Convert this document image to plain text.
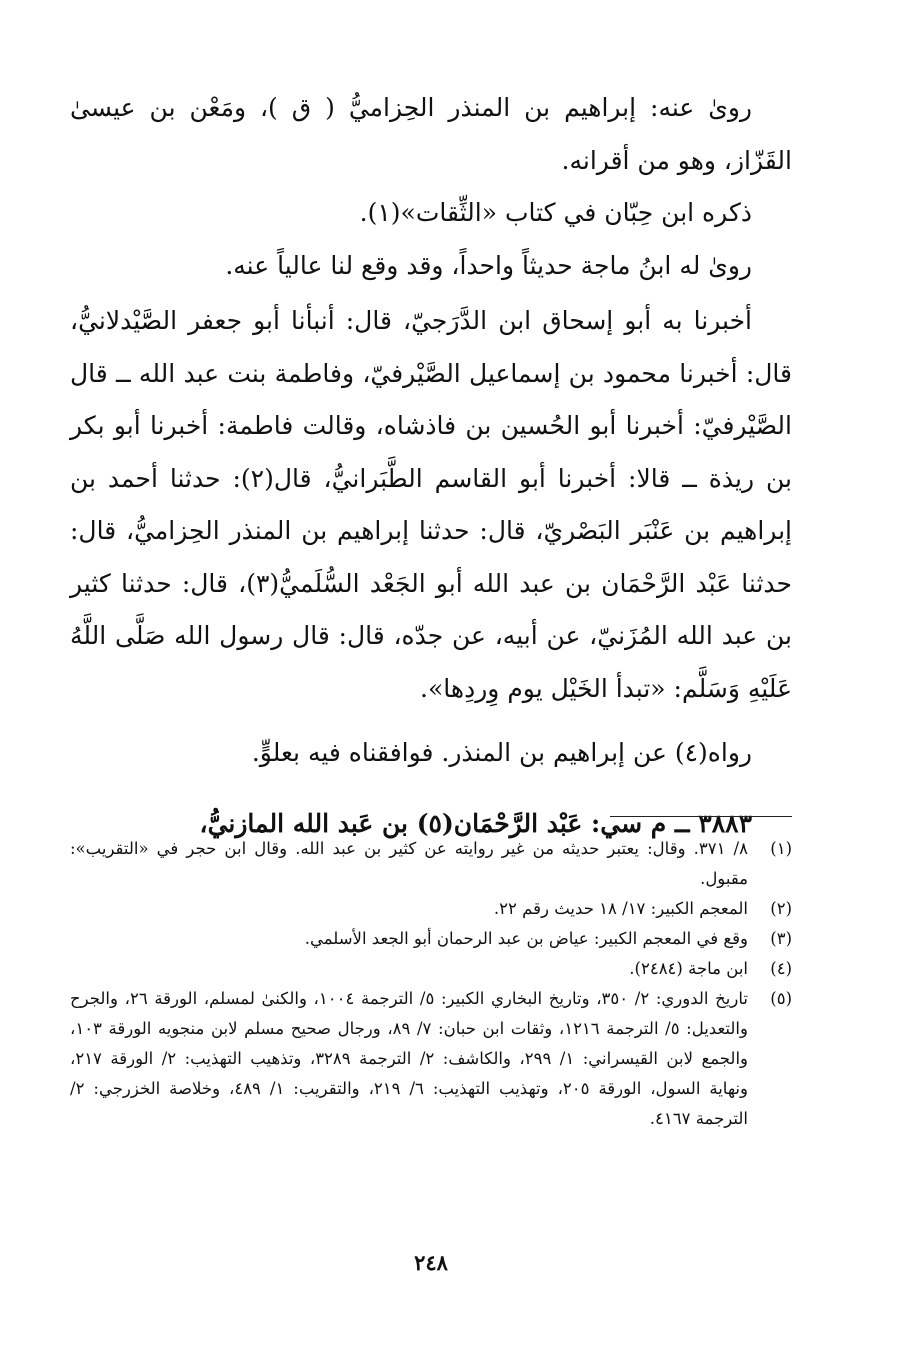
روىٰ عنه: إبراهيم بن المنذر الحِزاميُّ ( ق )، ومَعْن بن عيسىٰ القَزّاز، وهو من أقرانه.

ذكره ابن حِبّان في كتاب «الثِّقات»(١).

روىٰ له ابنُ ماجة حديثاً واحداً، وقد وقع لنا عالياً عنه.

أخبرنا به أبو إسحاق ابن الدَّرَجيّ، قال: أنبأنا أبو جعفر الصَّيْدلانيُّ، قال: أخبرنا محمود بن إسماعيل الصَّيْرفيّ، وفاطمة بنت عبد الله ــ قال الصَّيْرفيّ: أخبرنا أبو الحُسين بن فاذشاه، وقالت فاطمة: أخبرنا أبو بكر بن ريذة ــ قالا: أخبرنا أبو القاسم الطَّبَرانيُّ، قال(٢): حدثنا أحمد بن إبراهيم بن عَنْبَر البَصْريّ، قال: حدثنا إبراهيم بن المنذر الحِزاميُّ، قال: حدثنا عَبْد الرَّحْمَان بن عبد الله أبو الجَعْد السُّلَميُّ(٣)، قال: حدثنا كثير بن عبد الله المُزَنيّ، عن أبيه، عن جدّه، قال: قال رسول الله صَلَّى اللَّهُ عَلَيْهِ وَسَلَّم: «تبدأ الخَيْل يوم وِردِها».

رواه(٤) عن إبراهيم بن المنذر. فوافقناه فيه بعلوٍّ.

٣٨٨٣ ــ م سي: عَبْد الرَّحْمَان(٥) بن عَبد الله المازنيُّ،

(١)
٨/ ٣٧١. وقال: يعتبر حديثه من غير روايته عن كثير بن عبد الله. وقال ابن حجر في «التقريب»: مقبول.
(٢)
المعجم الكبير: ١٧/ ١٨ حديث رقم ٢٢.
(٣)
وقع في المعجم الكبير: عياض بن عبد الرحمان أبو الجعد الأسلمي.
(٤)
ابن ماجة (٢٤٨٤).
(٥)
تاريخ الدوري: ٢/ ٣٥٠، وتاريخ البخاري الكبير: ٥/ الترجمة ١٠٠٤، والكنىٰ لمسلم، الورقة ٢٦، والجرح والتعديل: ٥/ الترجمة ١٢١٦، وثقات ابن حبان: ٧/ ٨٩، ورجال صحيح مسلم لابن منجويه الورقة ١٠٣، والجمع لابن القيسراني: ١/ ٢٩٩، والكاشف: ٢/ الترجمة ٣٢٨٩، وتذهيب التهذيب: ٢/ الورقة ٢١٧، ونهاية السول، الورقة ٢٠٥، وتهذيب التهذيب: ٦/ ٢١٩، والتقريب: ١/ ٤٨٩، وخلاصة الخزرجي: ٢/ الترجمة ٤١٦٧.
٢٤٨
